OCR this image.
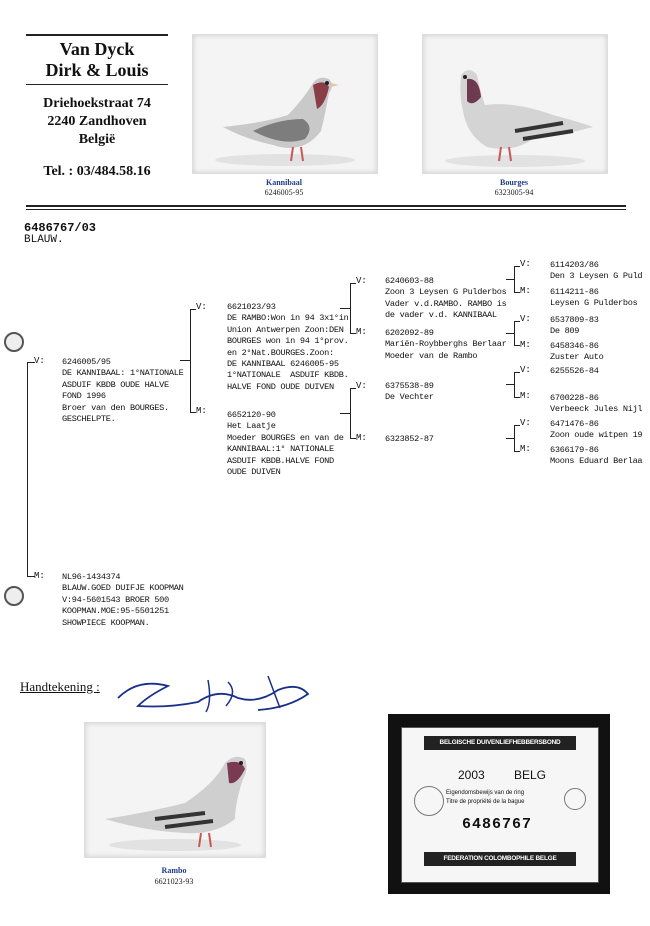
Van Dyck
Dirk & Louis
Driehoekstraat 74
2240 Zandhoven
België
Tel. : 03/484.58.16
Kannibaal
6246005-95
Bourges
6323005-94
6486767/03
BLAUW.
V:
M:
6246005/95
DE KANNIBAAL: 1°NATIONALE
ASDUIF KBDB OUDE HALVE
FOND 1996
Broer van den BOURGES.
GESCHELPTE.
NL96-1434374
BLAUW.GOED DUIFJE KOOPMAN
V:94-5601543 BROER 500
KOOPMAN.MOE:95-5501251
SHOWPIECE KOOPMAN.
V:
M:
6621023/93
DE RAMBO:Won in 94 3x1°in
Union Antwerpen Zoon:DEN
BOURGES won in 94 1°prov.
en 2°Nat.BOURGES.Zoon:
DE KANNIBAAL 6246005-95
1°NATIONALE  ASDUIF KBDB.
HALVE FOND OUDE DUIVEN
6652120-90
Het Laatje
Moeder BOURGES en van de
KANNIBAAL:1° NATIONALE
ASDUIF KBDB.HALVE FOND
OUDE DUIVEN
V:
M:
V:
M:
6240603-88
Zoon 3 Leysen G Pulderbos
Vader v.d.RAMBO. RAMBO is
de vader v.d. KANNIBAAL
6202092-89
Mariën-Roybberghs Berlaar
Moeder van de Rambo
6375538-89
De Vechter
6323852-87
V:
M:
V:
M:
V:
M:
V:
M:
6114203/86
Den 3 Leysen G Puld
6114211-86
Leysen G Pulderbos
6537809-83
De 809
6458346-86
Zuster Auto
6255526-84
6700228-86
Verbeeck Jules Nijl
6471476-86
Zoon oude witpen 19
6366179-86
Moons Eduard Berlaa
Handtekening :
Rambo
6621023-93
BELGISCHE DUIVENLIEFHEBBERSBOND
2003 BELG
Eigendomsbewijs van de ring
Titre de propriété de la bague
6486767
FEDERATION COLOMBOPHILE BELGE
